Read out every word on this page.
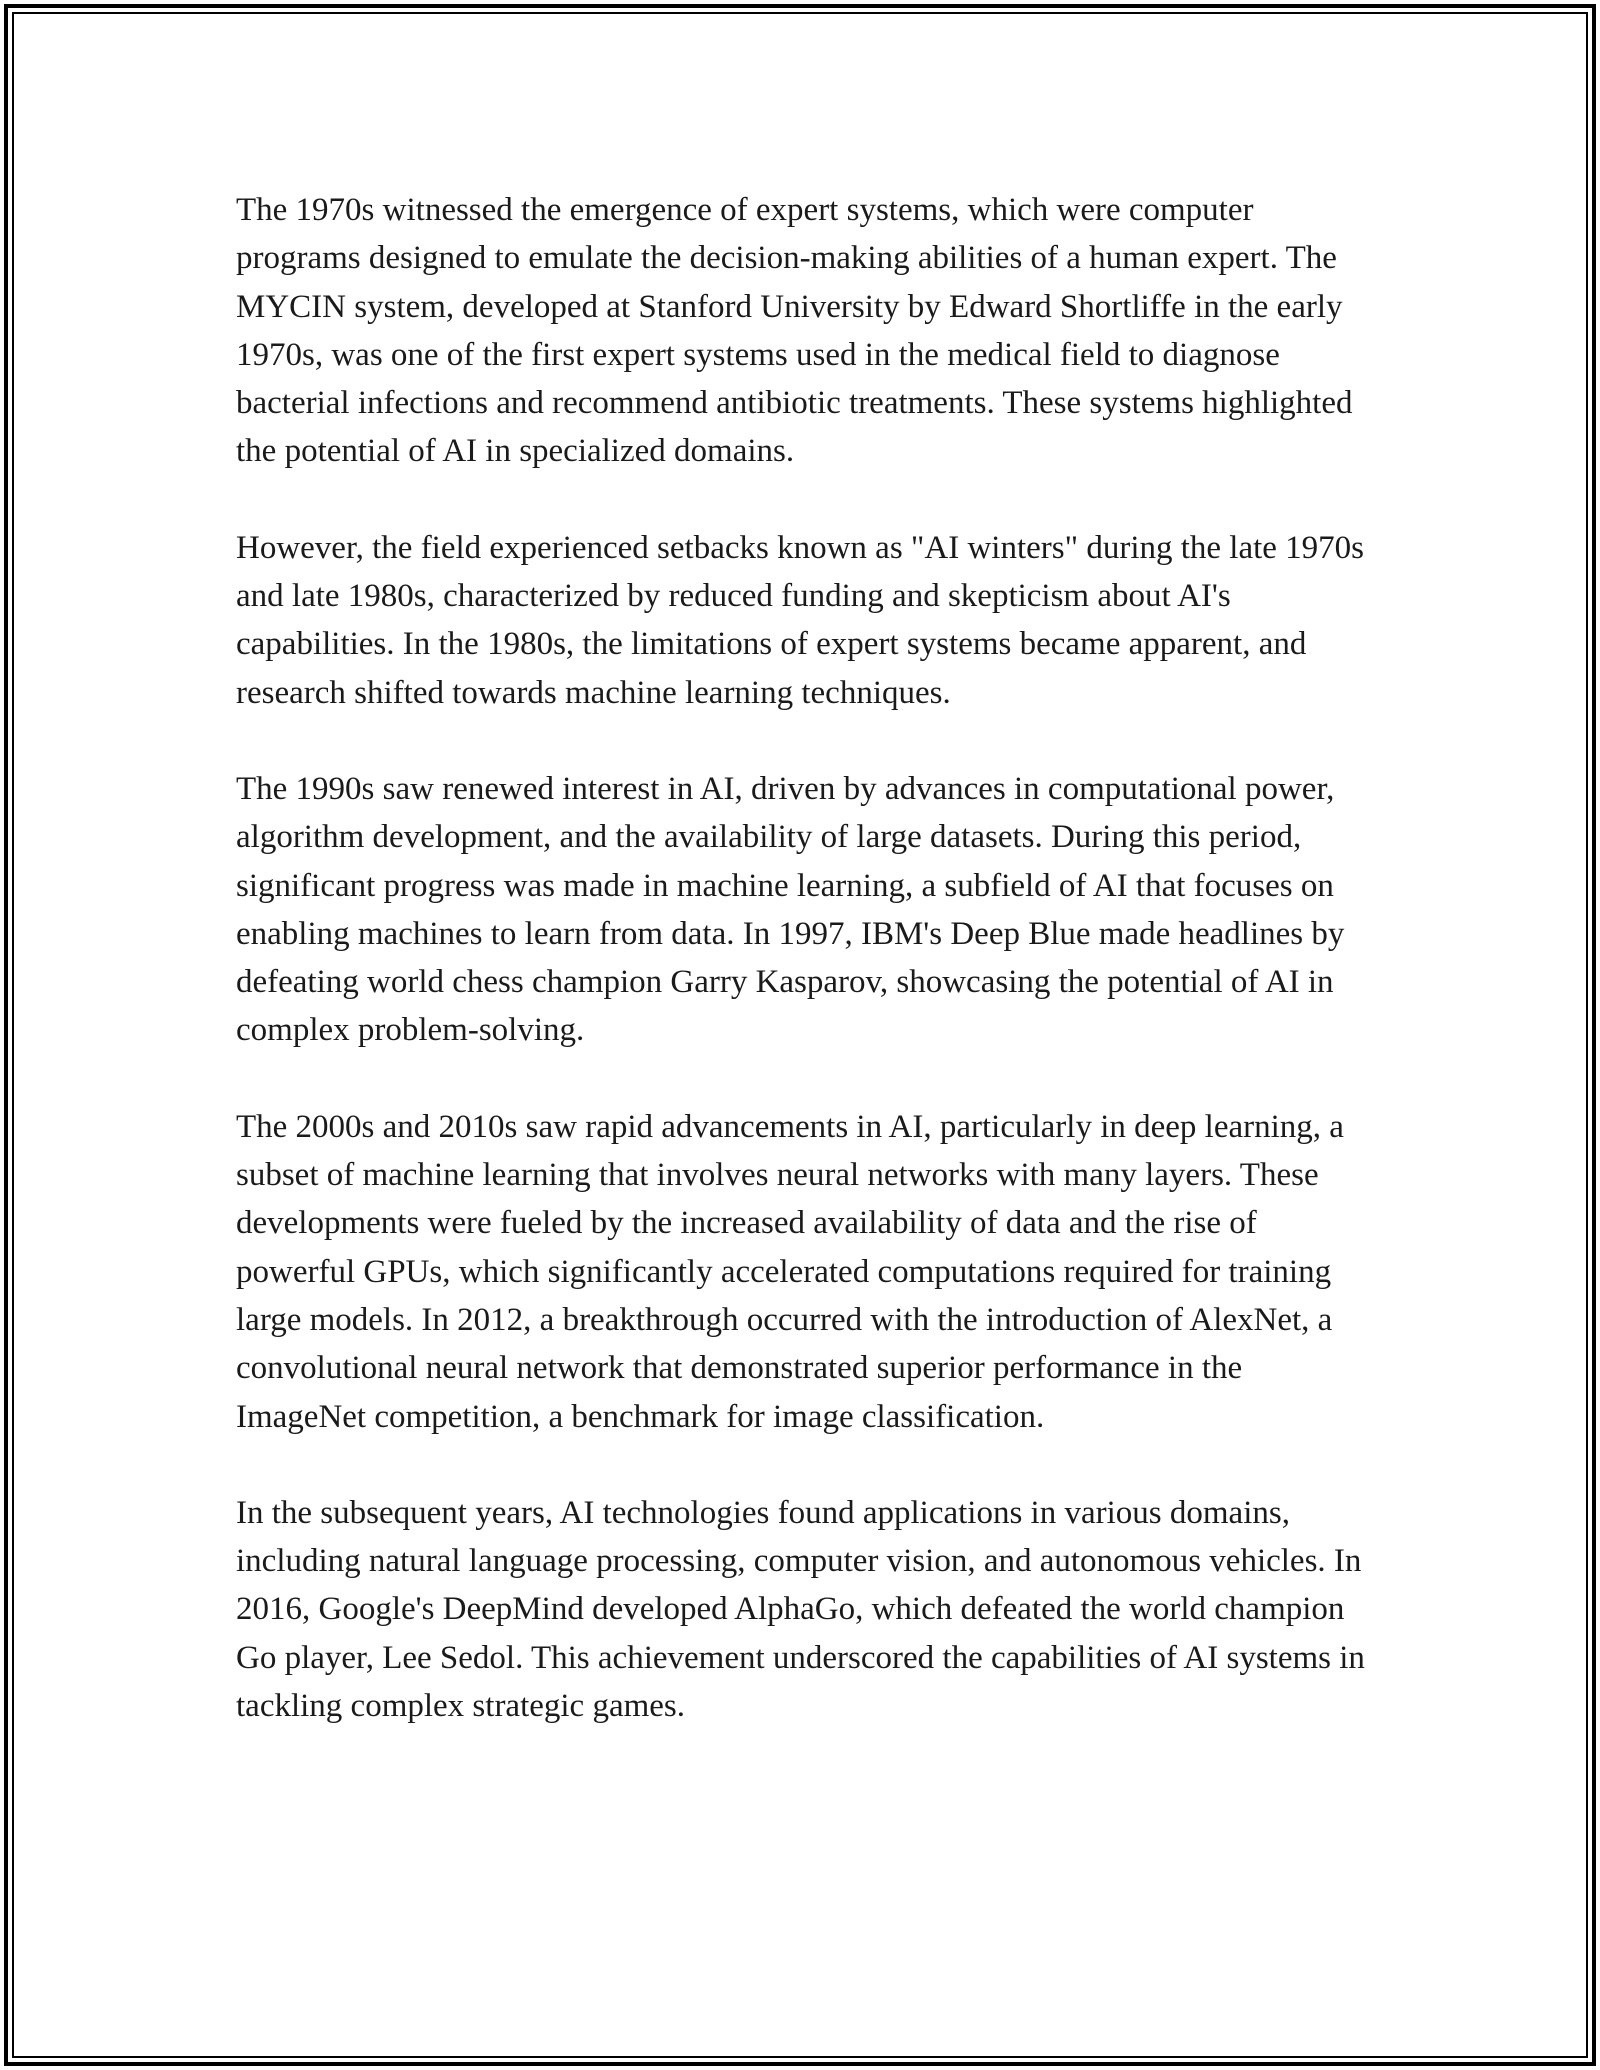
The 1970s witnessed the emergence of expert systems, which were computer programs designed to emulate the decision-making abilities of a human expert. The MYCIN system, developed at Stanford University by Edward Shortliffe in the early 1970s, was one of the first expert systems used in the medical field to diagnose bacterial infections and recommend antibiotic treatments. These systems highlighted the potential of AI in specialized domains.

However, the field experienced setbacks known as "AI winters" during the late 1970s and late 1980s, characterized by reduced funding and skepticism about AI's capabilities. In the 1980s, the limitations of expert systems became apparent, and research shifted towards machine learning techniques.

The 1990s saw renewed interest in AI, driven by advances in computational power, algorithm development, and the availability of large datasets. During this period, significant progress was made in machine learning, a subfield of AI that focuses on enabling machines to learn from data. In 1997, IBM's Deep Blue made headlines by defeating world chess champion Garry Kasparov, showcasing the potential of AI in complex problem-solving.

The 2000s and 2010s saw rapid advancements in AI, particularly in deep learning, a subset of machine learning that involves neural networks with many layers. These developments were fueled by the increased availability of data and the rise of powerful GPUs, which significantly accelerated computations required for training large models. In 2012, a breakthrough occurred with the introduction of AlexNet, a convolutional neural network that demonstrated superior performance in the ImageNet competition, a benchmark for image classification.

In the subsequent years, AI technologies found applications in various domains, including natural language processing, computer vision, and autonomous vehicles. In 2016, Google's DeepMind developed AlphaGo, which defeated the world champion Go player, Lee Sedol. This achievement underscored the capabilities of AI systems in tackling complex strategic games.
